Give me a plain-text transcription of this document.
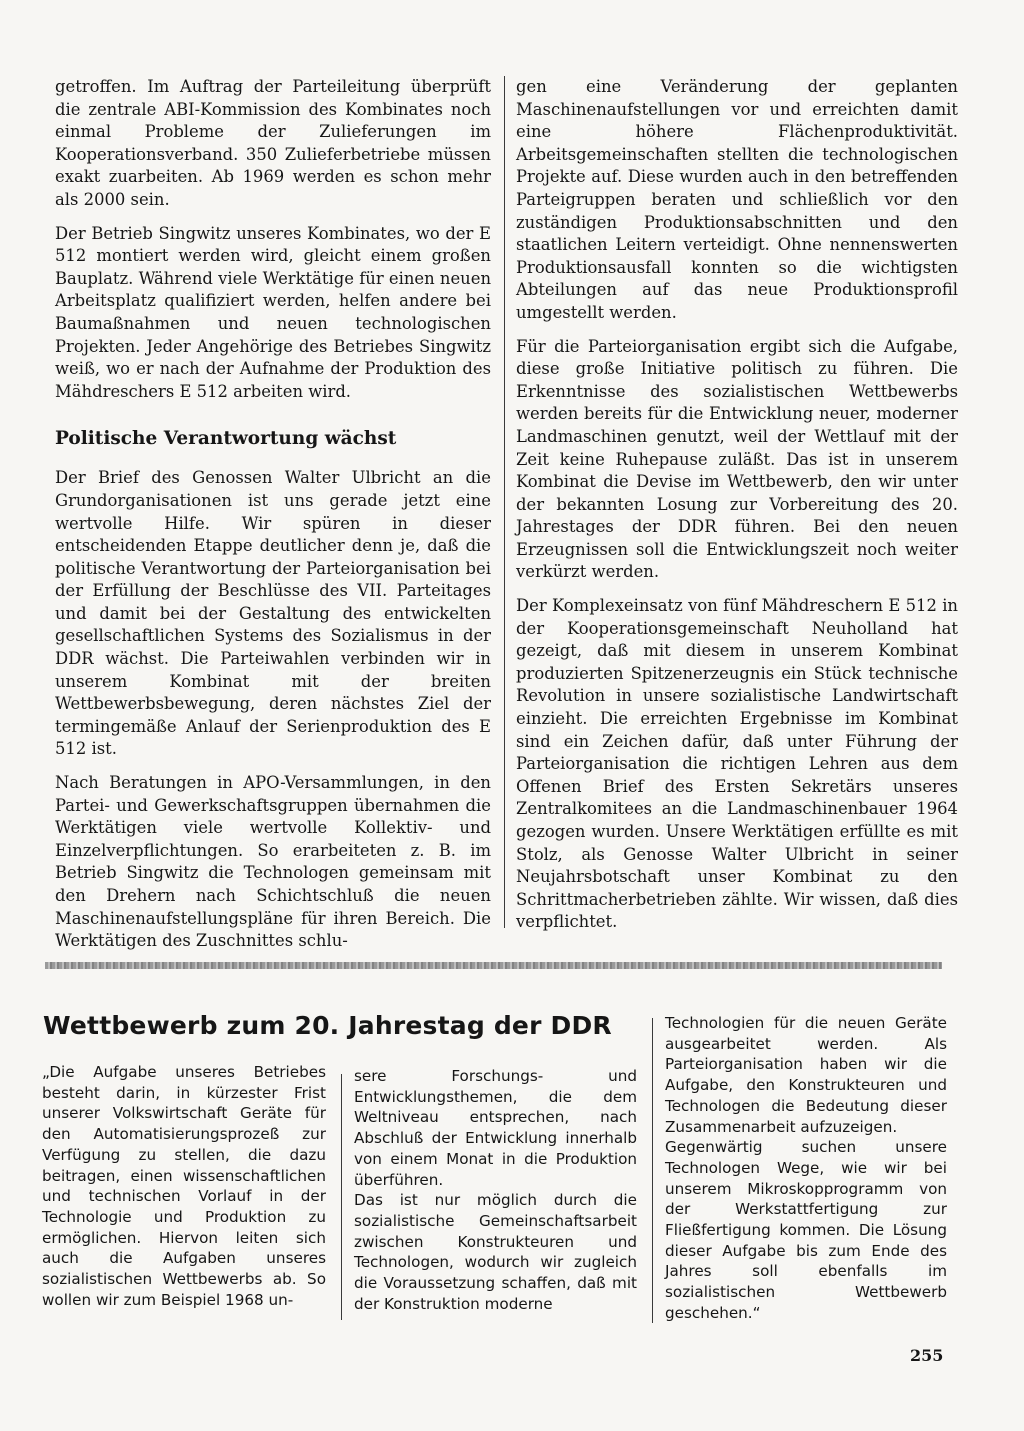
getroffen. Im Auftrag der Parteileitung überprüft die zentrale ABI-Kommission des Kombinates noch einmal Probleme der Zulieferungen im Kooperationsverband. 350 Zulieferbetriebe müssen exakt zuarbeiten. Ab 1969 werden es schon mehr als 2000 sein.

Der Betrieb Singwitz unseres Kombinates, wo der E 512 montiert werden wird, gleicht einem großen Bauplatz. Während viele Werktätige für einen neuen Arbeitsplatz qualifiziert werden, helfen andere bei Baumaßnahmen und neuen technologischen Projekten. Jeder Angehörige des Betriebes Singwitz weiß, wo er nach der Aufnahme der Produktion des Mähdreschers E 512 arbeiten wird.

Politische Verantwortung wächst

Der Brief des Genossen Walter Ulbricht an die Grundorganisationen ist uns gerade jetzt eine wertvolle Hilfe. Wir spüren in dieser entscheidenden Etappe deutlicher denn je, daß die politische Verantwortung der Parteiorganisation bei der Erfüllung der Beschlüsse des VII. Parteitages und damit bei der Gestaltung des entwickelten gesellschaftlichen Systems des Sozialismus in der DDR wächst. Die Parteiwahlen verbinden wir in unserem Kombinat mit der breiten Wettbewerbsbewegung, deren nächstes Ziel der termingemäße Anlauf der Serienproduktion des E 512 ist.

Nach Beratungen in APO-Versammlungen, in den Partei- und Gewerkschaftsgruppen übernahmen die Werktätigen viele wertvolle Kollektiv- und Einzelverpflichtungen. So erarbeiteten z. B. im Betrieb Singwitz die Technologen gemeinsam mit den Drehern nach Schichtschluß die neuen Maschinenaufstellungspläne für ihren Bereich. Die Werktätigen des Zuschnittes schlu-

gen eine Veränderung der geplanten Maschinenaufstellungen vor und erreichten damit eine höhere Flächenproduktivität. Arbeitsgemeinschaften stellten die technologischen Projekte auf. Diese wurden auch in den betreffenden Parteigruppen beraten und schließlich vor den zuständigen Produktionsabschnitten und den staatlichen Leitern verteidigt. Ohne nennenswerten Produktionsausfall konnten so die wichtigsten Abteilungen auf das neue Produktionsprofil umgestellt werden.

Für die Parteiorganisation ergibt sich die Aufgabe, diese große Initiative politisch zu führen. Die Erkenntnisse des sozialistischen Wettbewerbs werden bereits für die Entwicklung neuer, moderner Landmaschinen genutzt, weil der Wettlauf mit der Zeit keine Ruhepause zuläßt. Das ist in unserem Kombinat die Devise im Wettbewerb, den wir unter der bekannten Losung zur Vorbereitung des 20. Jahrestages der DDR führen. Bei den neuen Erzeugnissen soll die Entwicklungszeit noch weiter verkürzt werden.

Der Komplexeinsatz von fünf Mähdreschern E 512 in der Kooperationsgemeinschaft Neuholland hat gezeigt, daß mit diesem in unserem Kombinat produzierten Spitzenerzeugnis ein Stück technische Revolution in unsere sozialistische Landwirtschaft einzieht. Die erreichten Ergebnisse im Kombinat sind ein Zeichen dafür, daß unter Führung der Parteiorganisation die richtigen Lehren aus dem Offenen Brief des Ersten Sekretärs unseres Zentralkomitees an die Landmaschinenbauer 1964 gezogen wurden. Unsere Werktätigen erfüllte es mit Stolz, als Genosse Walter Ulbricht in seiner Neujahrsbotschaft unser Kombinat zu den Schrittmacherbetrieben zählte. Wir wissen, daß dies verpflichtet.

Wettbewerb zum 20. Jahrestag der DDR

„Die Aufgabe unseres Betriebes besteht darin, in kürzester Frist unserer Volkswirtschaft Geräte für den Automatisierungsprozeß zur Verfügung zu stellen, die dazu beitragen, einen wissenschaftlichen und technischen Vorlauf in der Technologie und Produktion zu ermöglichen. Hiervon leiten sich auch die Aufgaben unseres sozialistischen Wettbewerbs ab. So wollen wir zum Beispiel 1968 un-

sere Forschungs- und Entwicklungsthemen, die dem Weltniveau entsprechen, nach Abschluß der Entwicklung innerhalb von einem Monat in die Produktion überführen.

Das ist nur möglich durch die sozialistische Gemeinschaftsarbeit zwischen Konstrukteuren und Technologen, wodurch wir zugleich die Voraussetzung schaffen, daß mit der Konstruktion moderne

Technologien für die neuen Geräte ausgearbeitet werden. Als Parteiorganisation haben wir die Aufgabe, den Konstrukteuren und Technologen die Bedeutung dieser Zusammenarbeit aufzuzeigen.

Gegenwärtig suchen unsere Technologen Wege, wie wir bei unserem Mikroskopprogramm von der Werkstattfertigung zur Fließfertigung kommen. Die Lösung dieser Aufgabe bis zum Ende des Jahres soll ebenfalls im sozialistischen Wettbewerb geschehen.“

255
